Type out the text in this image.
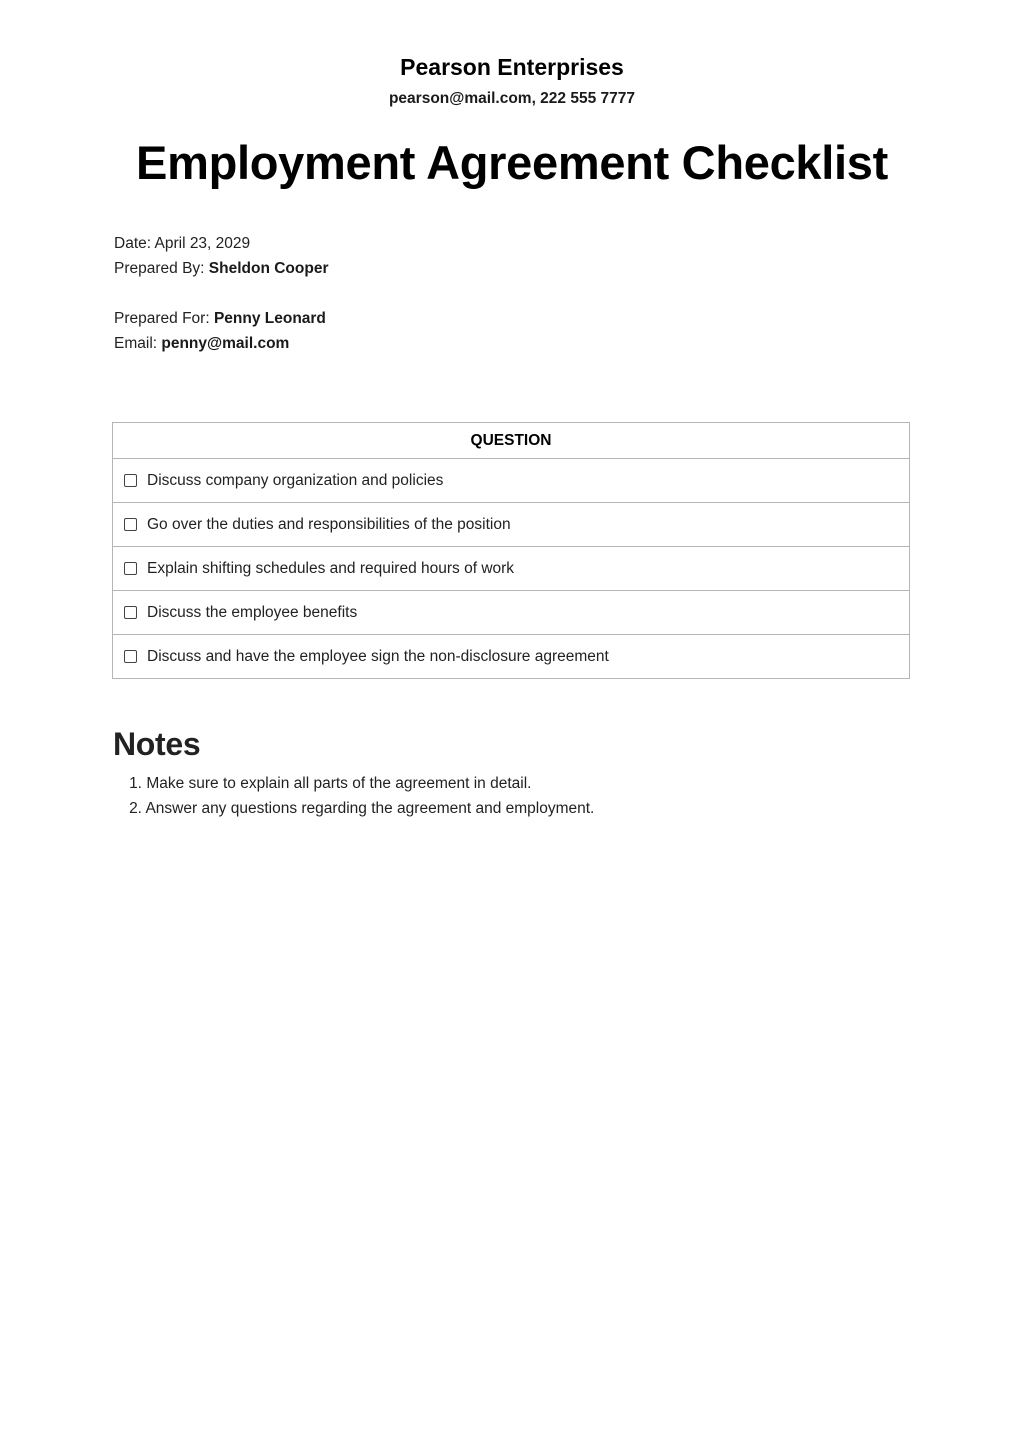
Pearson Enterprises
pearson@mail.com, 222 555 7777
Employment Agreement Checklist
Date: April 23, 2029
Prepared By: Sheldon Cooper
Prepared For: Penny Leonard
Email: penny@mail.com
QUESTION
Discuss company organization and policies
Go over the duties and responsibilities of the position
Explain shifting schedules and required hours of work
Discuss the employee benefits
Discuss and have the employee sign the non-disclosure agreement
Notes
1. Make sure to explain all parts of the agreement in detail.
2. Answer any questions regarding the agreement and employment.
